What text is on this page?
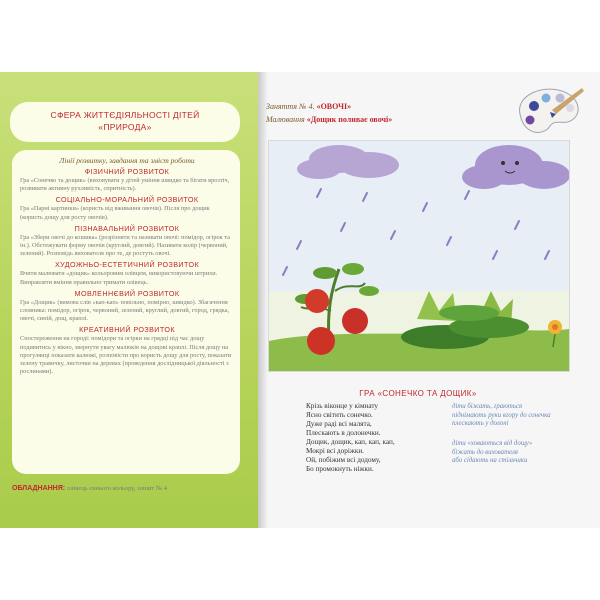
СФЕРА ЖИТТЄДІЯЛЬНОСТІ ДІТЕЙ
«ПРИРОДА»
Лінії розвитку, завдання та зміст роботи
ФІЗИЧНИЙ РОЗВИТОК
Гра «Сонечко та дощик» (виховувати у дітей уміння швидко та бігати врозтіч, розвивати активну рухливість, спритність).
СОЦІАЛЬНО-МОРАЛЬНИЙ РОЗВИТОК
Гра «Парні картинки» (користь від вживання овочів). Після про дощик (користь дощу для росту овочів).
ПІЗНАВАЛЬНИЙ РОЗВИТОК
Гра «Збери овочі до кошика» (розрізняти та називати овочі: помідор, огірок та ін.). Обстежувати форму овочів (круглий, довгий). Називати колір (червоний, зелений). Розповідь вихователя про те, де ростуть овочі.
ХУДОЖНЬО-ЕСТЕТИЧНИЙ РОЗВИТОК
Вчити малювати «дощик» кольоровим олівцем, використовуючи штрихи. Виправляти вміння правильно тримати олівець.
МОВЛЕННЄВИЙ РОЗВИТОК
Гра «Дощик» (вимова слів «кап-кап» повільно, помірно, швидко). Збагачення словника: помідор, огірок, червоний, зелений, круглий, довгий, город, грядка, овочі, синій, дощ, краплі.
КРЕАТИВНИЙ РОЗВИТОК
Спостереження на городі: помідори та огірки на грядці під час дощу подивитись у вікно, звернути увагу малюків на дощові краплі. Після дощу на прогулянці показати калюжі, розповісти про користь дощу для росту, показати зелену травичку, листочки на деревах (проведення дослідницької діяльності з рослинами).
ОБЛАДНАННЯ: олівець синього кольору, зошит № 4
Заняття № 4. «ОВОЧІ»
Малювання «Дощик поливає овочі»
ГРА «СОНЕЧКО ТА ДОЩИК»
Крізь віконце у кімнату
Ясно світить сонечко.
Дуже раді всі малята,
Плескають в долонечки.
Дощик, дощик, кап, кап, кап,
Мокрі всі доріжки.
Ой, побіжим всі додому,
Бо промокнуть ніжки.
діти біжать, граються
піднімають руки вгору до сонечка
плескають у долоні
діти «ховаються від дощу»
біжать до вихователя
або сідають на стільчики
